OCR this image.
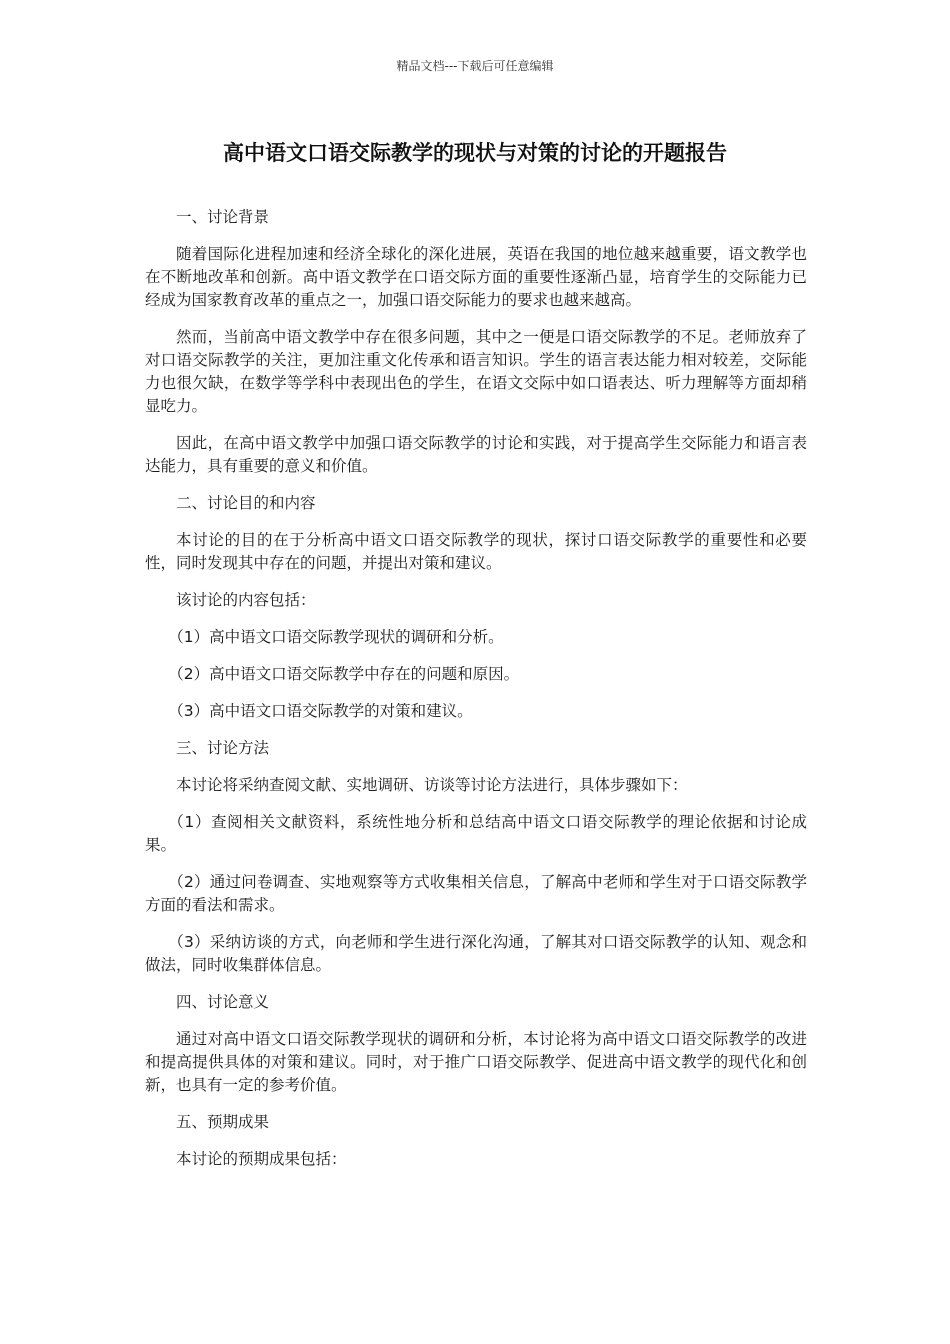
精品文档---下载后可任意编辑
高中语文口语交际教学的现状与对策的讨论的开题报告

一、讨论背景

随着国际化进程加速和经济全球化的深化进展，英语在我国的地位越来越重要，语文教学也在不断地改革和创新。高中语文教学在口语交际方面的重要性逐渐凸显，培育学生的交际能力已经成为国家教育改革的重点之一，加强口语交际能力的要求也越来越高。

然而，当前高中语文教学中存在很多问题，其中之一便是口语交际教学的不足。老师放弃了对口语交际教学的关注，更加注重文化传承和语言知识。学生的语言表达能力相对较差，交际能力也很欠缺，在数学等学科中表现出色的学生，在语文交际中如口语表达、听力理解等方面却稍显吃力。

因此，在高中语文教学中加强口语交际教学的讨论和实践，对于提高学生交际能力和语言表达能力，具有重要的意义和价值。

二、讨论目的和内容

本讨论的目的在于分析高中语文口语交际教学的现状，探讨口语交际教学的重要性和必要性，同时发现其中存在的问题，并提出对策和建议。

该讨论的内容包括：

（1）高中语文口语交际教学现状的调研和分析。

（2）高中语文口语交际教学中存在的问题和原因。

（3）高中语文口语交际教学的对策和建议。

三、讨论方法

本讨论将采纳查阅文献、实地调研、访谈等讨论方法进行，具体步骤如下：

（1）查阅相关文献资料，系统性地分析和总结高中语文口语交际教学的理论依据和讨论成果。

（2）通过问卷调查、实地观察等方式收集相关信息，了解高中老师和学生对于口语交际教学方面的看法和需求。

（3）采纳访谈的方式，向老师和学生进行深化沟通，了解其对口语交际教学的认知、观念和做法，同时收集群体信息。

四、讨论意义

通过对高中语文口语交际教学现状的调研和分析，本讨论将为高中语文口语交际教学的改进和提高提供具体的对策和建议。同时，对于推广口语交际教学、促进高中语文教学的现代化和创新，也具有一定的参考价值。

五、预期成果

本讨论的预期成果包括：
